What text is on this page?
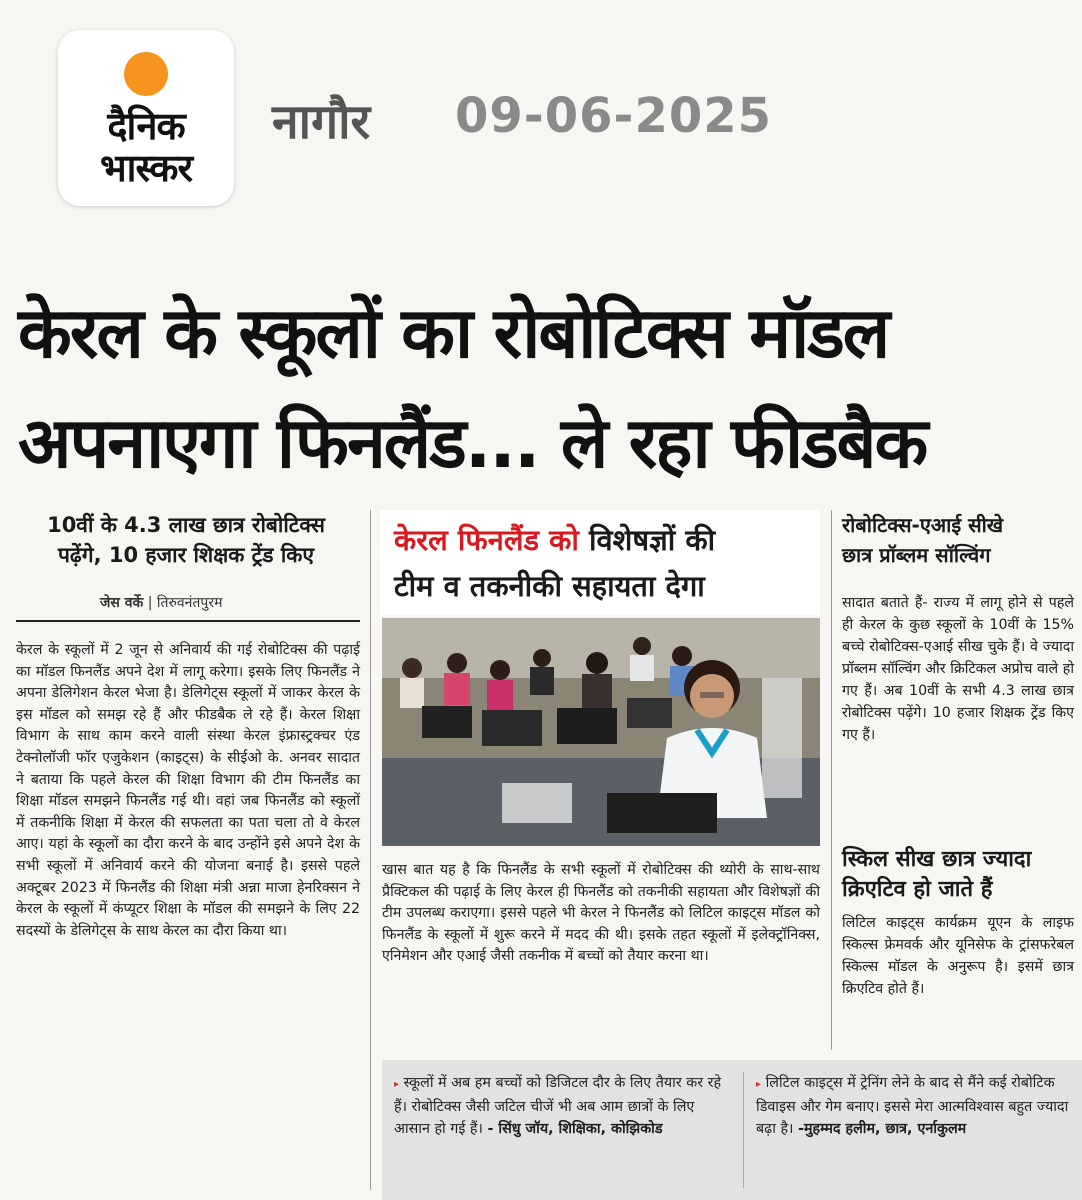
दैनिक
भास्कर
नागौर 09-06-2025
केरल के स्कूलों का रोबोटिक्स मॉडल
अपनाएगा फिनलैंड... ले रहा फीडबैक
10वीं के 4.3 लाख छात्र रोबोटिक्स
पढ़ेंगे, 10 हजार शिक्षक ट्रेंड किए
जेस वर्के | तिरुवनंतपुरम
केरल के स्कूलों में 2 जून से अनिवार्य की गई रोबोटिक्स की पढ़ाई का मॉडल फिनलैंड अपने देश में लागू करेगा। इसके लिए फिनलैंड ने अपना डेलिगेशन केरल भेजा है। डेलिगेट्स स्कूलों में जाकर केरल के इस मॉडल को समझ रहे हैं और फीडबैक ले रहे हैं। केरल शिक्षा विभाग के साथ काम करने वाली संस्था केरल इंफ्रास्ट्रक्चर एंड टेक्नोलॉजी फॉर एजुकेशन (काइट्स) के सीईओ के. अनवर सादात ने बताया कि पहले केरल की शिक्षा विभाग की टीम फिनलैंड का शिक्षा मॉडल समझने फिनलैंड गई थी। वहां जब फिनलैंड को स्कूलों में तकनीकि शिक्षा में केरल की सफलता का पता चला तो वे केरल आए। यहां के स्कूलों का दौरा करने के बाद उन्होंने इसे अपने देश के सभी स्कूलों में अनिवार्य करने की योजना बनाई है। इससे पहले अक्टूबर 2023 में फिनलैंड की शिक्षा मंत्री अन्ना माजा हेनरिक्सन ने केरल के स्कूलों में कंप्यूटर शिक्षा के मॉडल की समझने के लिए 22 सदस्यों के डेलिगेट्स के साथ केरल का दौरा किया था।
केरल फिनलैंड को विशेषज्ञों की
टीम व तकनीकी सहायता देगा
खास बात यह है कि फिनलैंड के सभी स्कूलों में रोबोटिक्स की थ्योरी के साथ-साथ प्रैक्टिकल की पढ़ाई के लिए केरल ही फिनलैंड को तकनीकी सहायता और विशेषज्ञों की टीम उपलब्ध कराएगा। इससे पहले भी केरल ने फिनलैंड को लिटिल काइट्स मॉडल को फिनलैंड के स्कूलों में शुरू करने में मदद की थी। इसके तहत स्कूलों में इलेक्ट्रॉनिक्स, एनिमेशन और एआई जैसी तकनीक में बच्चों को तैयार करना था।
रोबोटिक्स-एआई सीखे
छात्र प्रॉब्लम सॉल्विंग
सादात बताते हैं- राज्य में लागू होने से पहले ही केरल के कुछ स्कूलों के 10वीं के 15% बच्चे रोबोटिक्स-एआई सीख चुके हैं। वे ज्यादा प्रॉब्लम सॉल्विंग और क्रिटिकल अप्रोच वाले हो गए हैं। अब 10वीं के सभी 4.3 लाख छात्र रोबोटिक्स पढ़ेंगे। 10 हजार शिक्षक ट्रेंड किए गए हैं।
स्किल सीख छात्र ज्यादा
क्रिएटिव हो जाते हैं
लिटिल काइट्स कार्यक्रम यूएन के लाइफ स्किल्स फ्रेमवर्क और यूनिसेफ के ट्रांसफरेबल स्किल्स मॉडल के अनुरूप है। इसमें छात्र क्रिएटिव होते हैं।
▸ स्कूलों में अब हम बच्चों को डिजिटल दौर के लिए तैयार कर रहे हैं। रोबोटिक्स जैसी जटिल चीजें भी अब आम छात्रों के लिए आसान हो गई हैं। - सिंधु जॉय, शिक्षिका, कोझिकोड
▸ लिटिल काइट्स में ट्रेनिंग लेने के बाद से मैंने कई रोबोटिक डिवाइस और गेम बनाए। इससे मेरा आत्मविश्वास बहुत ज्यादा बढ़ा है। -मुहम्मद हलीम, छात्र, एर्नाकुलम
